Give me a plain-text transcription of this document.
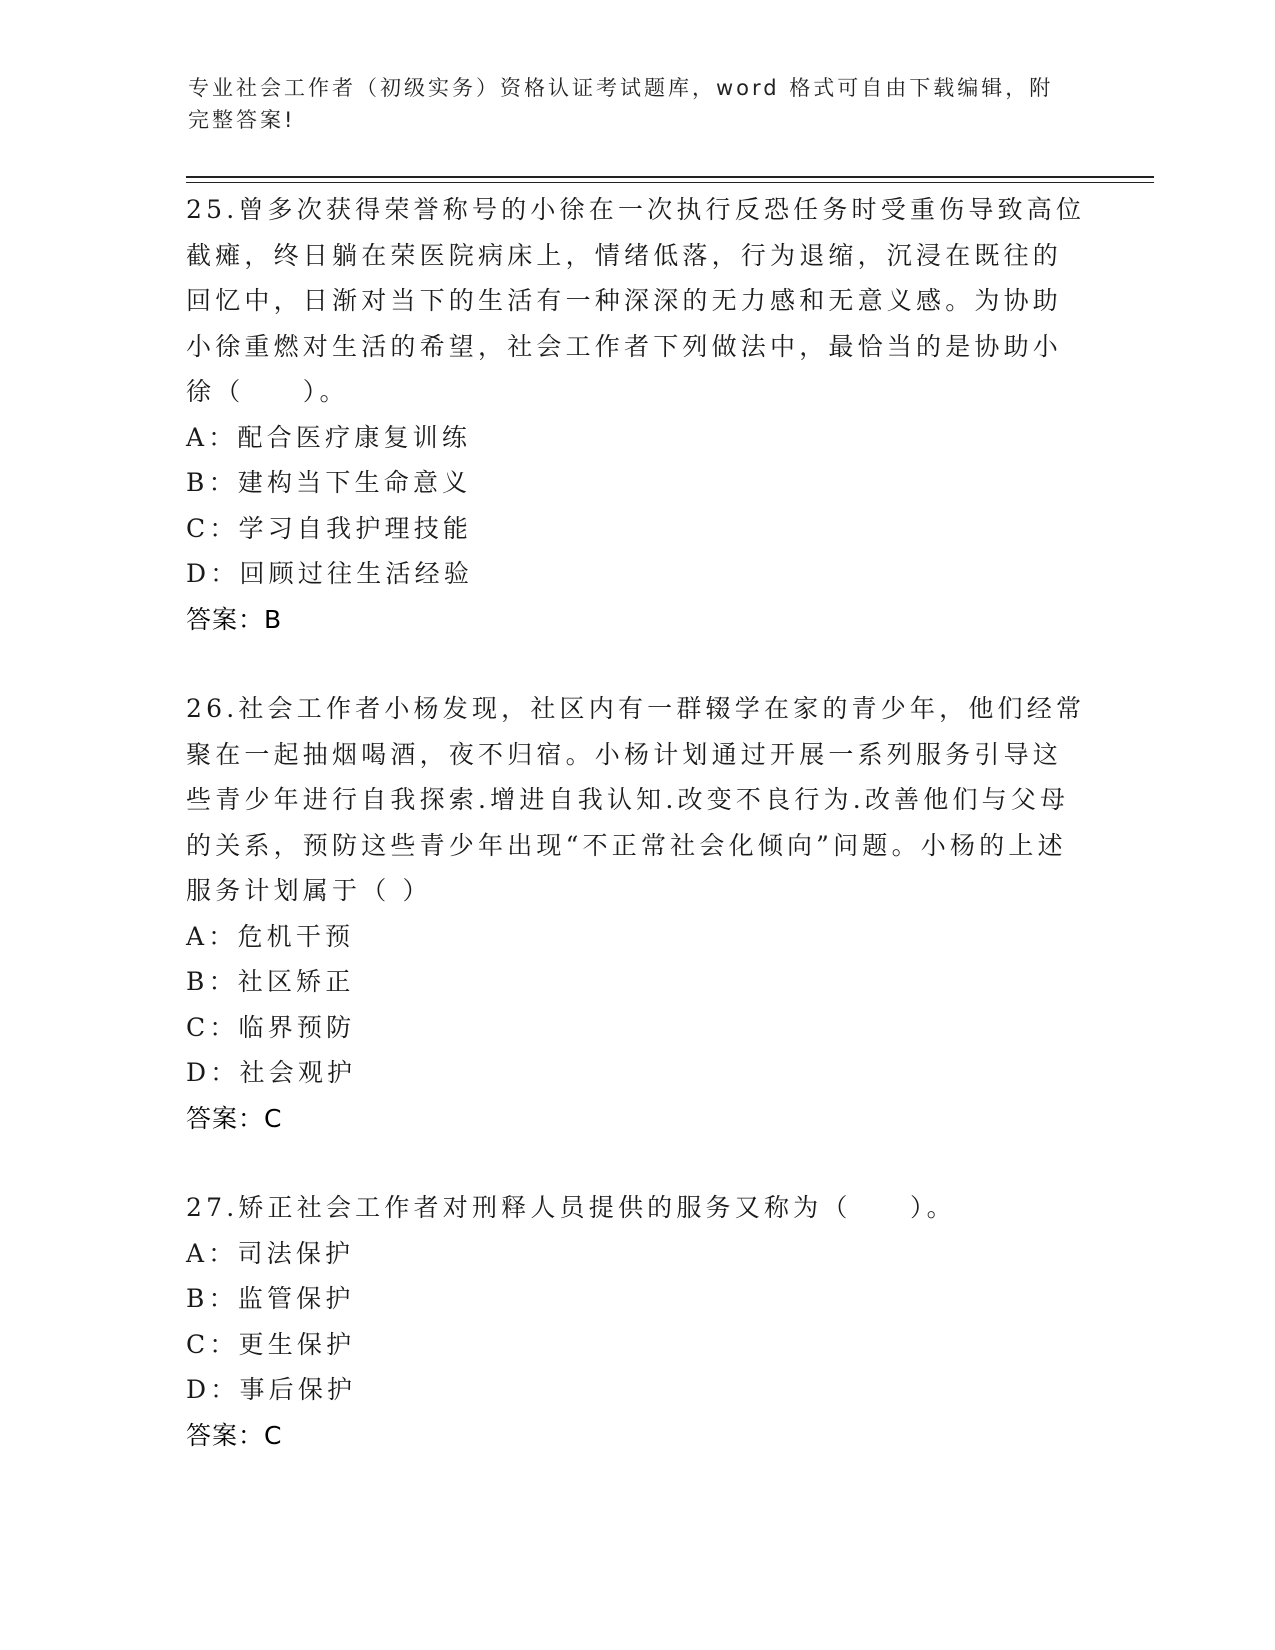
专业社会工作者（初级实务）资格认证考试题库，word 格式可自由下载编辑，附完整答案!

25.曾多次获得荣誉称号的小徐在一次执行反恐任务时受重伤导致高位截瘫，终日躺在荣医院病床上，情绪低落，行为退缩，沉浸在既往的回忆中，日渐对当下的生活有一种深深的无力感和无意义感。为协助小徐重燃对生活的希望，社会工作者下列做法中，最恰当的是协助小徐（　　）。

A：配合医疗康复训练

B：建构当下生命意义

C：学习自我护理技能

D：回顾过往生活经验

答案：B

26.社会工作者小杨发现，社区内有一群辍学在家的青少年，他们经常聚在一起抽烟喝酒，夜不归宿。小杨计划通过开展一系列服务引导这些青少年进行自我探索.增进自我认知.改变不良行为.改善他们与父母的关系，预防这些青少年出现“不正常社会化倾向”问题。小杨的上述服务计划属于（ ）

A：危机干预

B：社区矫正

C：临界预防

D：社会观护

答案：C

27.矫正社会工作者对刑释人员提供的服务又称为（　　）。

A：司法保护

B：监管保护

C：更生保护

D：事后保护

答案：C
